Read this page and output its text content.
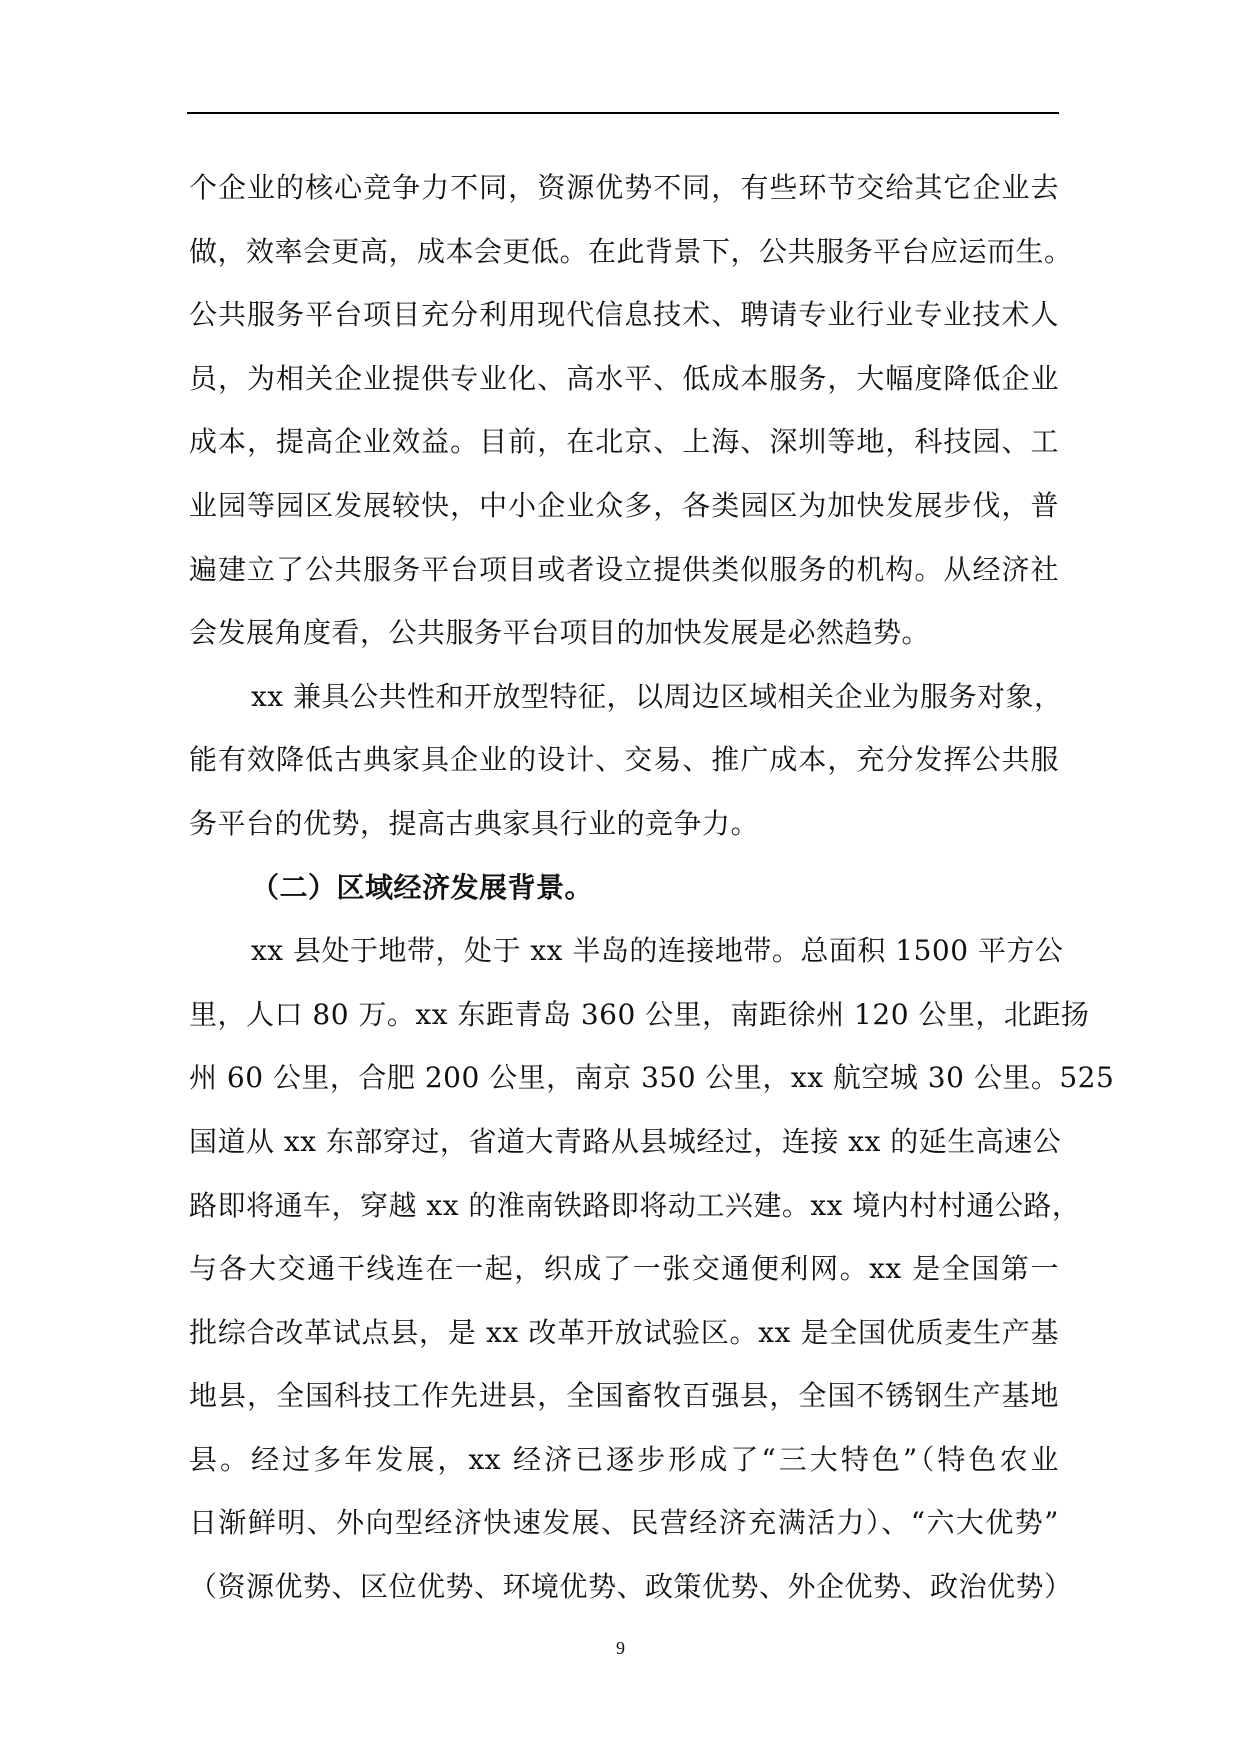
个企业的核心竞争力不同，资源优势不同，有些环节交给其它企业去
做，效率会更高，成本会更低。在此背景下，公共服务平台应运而生。
公共服务平台项目充分利用现代信息技术、聘请专业行业专业技术人
员，为相关企业提供专业化、高水平、低成本服务，大幅度降低企业
成本，提高企业效益。目前，在北京、上海、深圳等地，科技园、工
业园等园区发展较快，中小企业众多，各类园区为加快发展步伐，普
遍建立了公共服务平台项目或者设立提供类似服务的机构。从经济社
会发展角度看，公共服务平台项目的加快发展是必然趋势。
xx 兼具公共性和开放型特征，以周边区域相关企业为服务对象，
能有效降低古典家具企业的设计、交易、推广成本，充分发挥公共服
务平台的优势，提高古典家具行业的竞争力。
（二）区域经济发展背景。
xx 县处于地带，处于 xx 半岛的连接地带。总面积 1500 平方公
里，人口 80 万。xx 东距青岛 360 公里，南距徐州 120 公里，北距扬
州 60 公里，合肥 200 公里，南京 350 公里，xx 航空城 30 公里。525
国道从 xx 东部穿过，省道大青路从县城经过，连接 xx 的延生高速公
路即将通车，穿越 xx 的淮南铁路即将动工兴建。xx 境内村村通公路，
与各大交通干线连在一起，织成了一张交通便利网。xx 是全国第一
批综合改革试点县，是 xx 改革开放试验区。xx 是全国优质麦生产基
地县，全国科技工作先进县，全国畜牧百强县，全国不锈钢生产基地
县。经过多年发展，xx 经济已逐步形成了“三大特色”（特色农业
日渐鲜明、外向型经济快速发展、民营经济充满活力）、“六大优势”
（资源优势、区位优势、环境优势、政策优势、外企优势、政治优势）
9
